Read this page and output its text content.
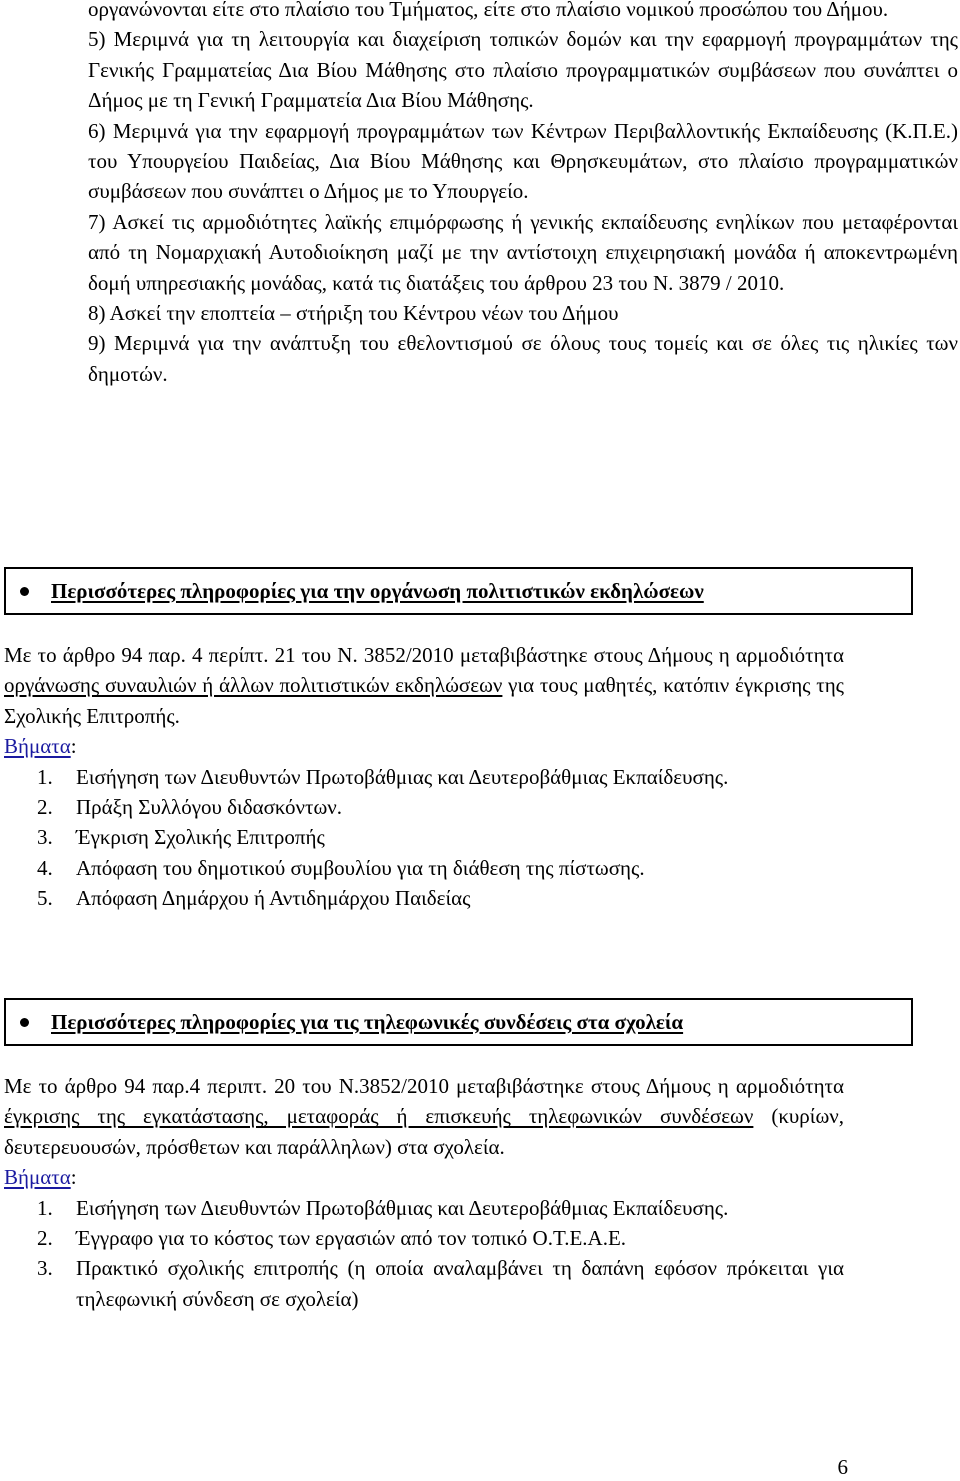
οργανώνονται είτε στο πλαίσιο του Τμήματος, είτε στο πλαίσιο νομικού προσώπου του Δήμου.

5) Μεριμνά για τη λειτουργία και διαχείριση τοπικών δομών και την εφαρμογή προγραμμάτων της Γενικής Γραμματείας Δια Βίου Μάθησης στο πλαίσιο προγραμματικών συμβάσεων που συνάπτει ο Δήμος με τη Γενική Γραμματεία Δια Βίου Μάθησης.

6) Μεριμνά για την εφαρμογή προγραμμάτων των Κέντρων Περιβαλλοντικής Εκπαίδευσης (Κ.Π.Ε.) του Υπουργείου Παιδείας, Δια Βίου Μάθησης και Θρησκευμάτων, στο πλαίσιο προγραμματικών συμβάσεων που συνάπτει ο Δήμος με το Υπουργείο.

7) Ασκεί τις αρμοδιότητες λαϊκής επιμόρφωσης ή γενικής εκπαίδευσης ενηλίκων που μεταφέρονται από τη Νομαρχιακή Αυτοδιοίκηση μαζί με την αντίστοιχη επιχειρησιακή μονάδα ή αποκεντρωμένη δομή υπηρεσιακής μονάδας, κατά τις διατάξεις του άρθρου 23 του Ν. 3879 / 2010.

8) Ασκεί την εποπτεία – στήριξη του Κέντρου νέων του Δήμου

9) Μεριμνά για την ανάπτυξη του εθελοντισμού σε όλους τους τομείς και σε όλες τις ηλικίες των δημοτών.

Περισσότερες πληροφορίες για την οργάνωση πολιτιστικών εκδηλώσεων

Με το άρθρο 94 παρ. 4 περίπτ. 21 του Ν. 3852/2010 μεταβιβάστηκε στους Δήμους η αρμοδιότητα οργάνωσης συναυλιών ή άλλων πολιτιστικών εκδηλώσεων για τους μαθητές, κατόπιν έγκρισης της Σχολικής Επιτροπής.

Βήματα:

1. Εισήγηση των Διευθυντών Πρωτοβάθμιας και Δευτεροβάθμιας Εκπαίδευσης.
2. Πράξη Συλλόγου διδασκόντων.
3. Έγκριση Σχολικής Επιτροπής
4. Απόφαση του δημοτικού συμβουλίου για τη διάθεση της πίστωσης.
5. Απόφαση Δημάρχου ή Αντιδημάρχου Παιδείας
Περισσότερες πληροφορίες για τις τηλεφωνικές συνδέσεις στα σχολεία

Με το άρθρο 94 παρ.4 περιπτ. 20 του Ν.3852/2010 μεταβιβάστηκε στους Δήμους η αρμοδιότητα έγκρισης της εγκατάστασης, μεταφοράς ή επισκευής τηλεφωνικών συνδέσεων (κυρίων, δευτερευουσών, πρόσθετων και παράλληλων) στα σχολεία.

Βήματα:

1. Εισήγηση των Διευθυντών Πρωτοβάθμιας και Δευτεροβάθμιας Εκπαίδευσης.
2. Έγγραφο για το κόστος των εργασιών από τον τοπικό Ο.Τ.Ε.Α.Ε.
3. Πρακτικό σχολικής επιτροπής (η οποία αναλαμβάνει τη δαπάνη εφόσον πρόκειται για τηλεφωνική σύνδεση σε σχολεία)
6
